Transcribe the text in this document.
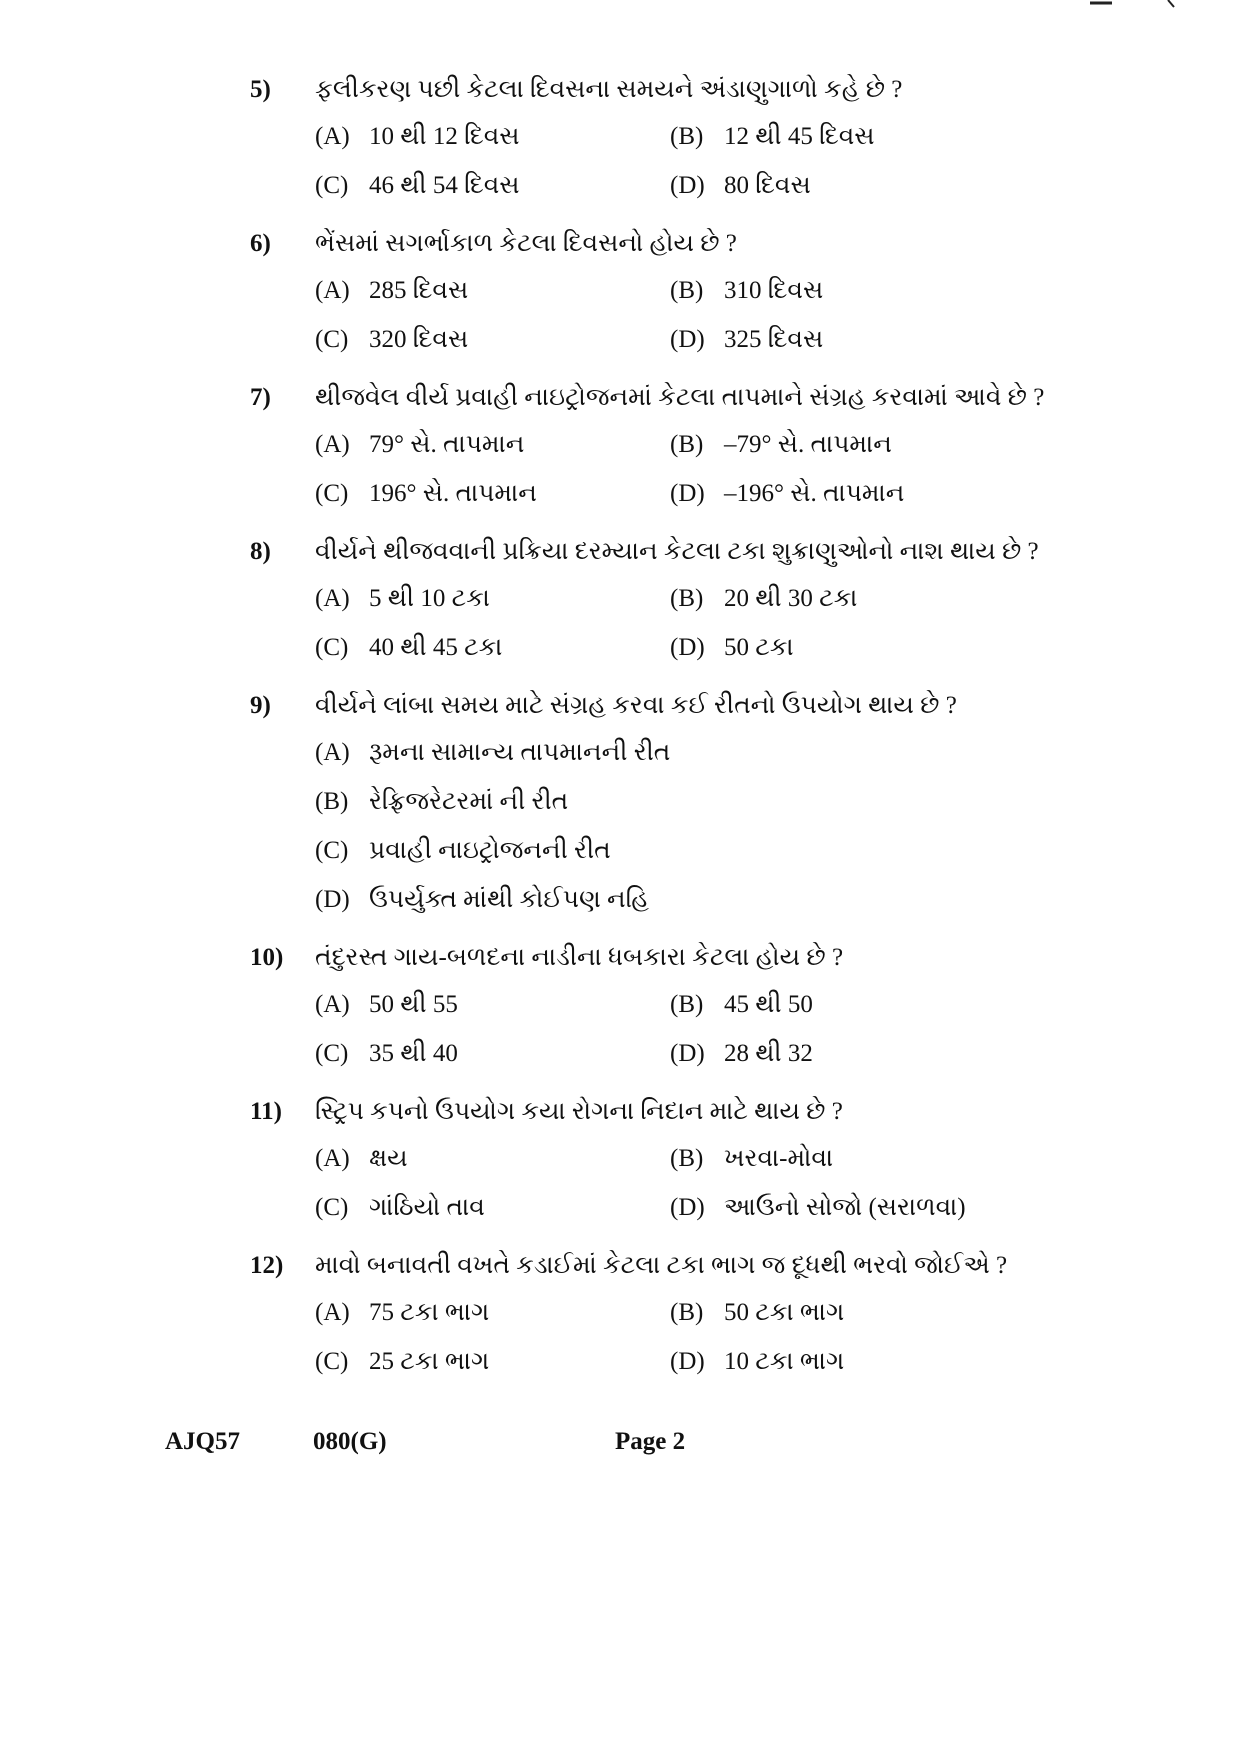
5)	ફલીકરણ પછી કેટલા દિવસના સમયને અંડાણુગાળો કહે છે ?
(A) 10 થી 12 દિવસ	(B) 12 થી 45 દિવસ
(C) 46 થી 54 દિવસ	(D) 80 દિવસ
6)	ભેંસમાં સગર્ભાકાળ કેટલા દિવસનો હોય છે ?
(A) 285 દિવસ	(B) 310 દિવસ
(C) 320 દિવસ	(D) 325 દિવસ
7)	થીજવેલ વીર્ય પ્રવાહી નાઇટ્રોજનમાં કેટલા તાપમાને સંગ્રહ કરવામાં આવે છે ?
(A) 79° સે. તાપમાન	(B) –79° સે. તાપમાન
(C) 196° સે. તાપમાન	(D) –196° સે. તાપમાન
8)	વીર્યને થીજવવાની પ્રક્રિયા દરમ્યાન કેટલા ટકા શુક્રાણુઓનો નાશ થાય છે ?
(A) 5 થી 10 ટકા	(B) 20 થી 30 ટકા
(C) 40 થી 45 ટકા	(D) 50 ટકા
9)	વીર્યને લાંબા સમય માટે સંગ્રહ કરવા કઈ રીતનો ઉપયોગ થાય છે ?
(A) રૂમના સામાન્ય તાપમાનની રીત
(B) રેફ્રિજરેટરમાં ની રીત
(C) પ્રવાહી નાઇટ્રોજનની રીત
(D) ઉપર્યુક્ત માંથી કોઈપણ નહિ
10)	તંદુરસ્ત ગાય-બળદના નાડીના ધબકારા કેટલા હોય છે ?
(A) 50 થી 55	(B) 45 થી 50
(C) 35 થી 40	(D) 28 થી 32
11)	સ્ટ્રિપ કપનો ઉપયોગ કયા રોગના નિદાન માટે થાય છે ?
(A) ક્ષય	(B) ખરવા-મોવા
(C) ગાંઠિયો તાવ	(D) આઉનો સોજો (સરાળવા)
12)	માવો બનાવતી વખતે કડાઈમાં કેટલા ટકા ભાગ જ દૂધથી ભરવો જોઈએ ?
(A) 75 ટકા ભાગ	(B) 50 ટકા ભાગ
(C) 25 ટકા ભાગ	(D) 10 ટકા ભાગ
AJQ57	080(G)	Page 2
